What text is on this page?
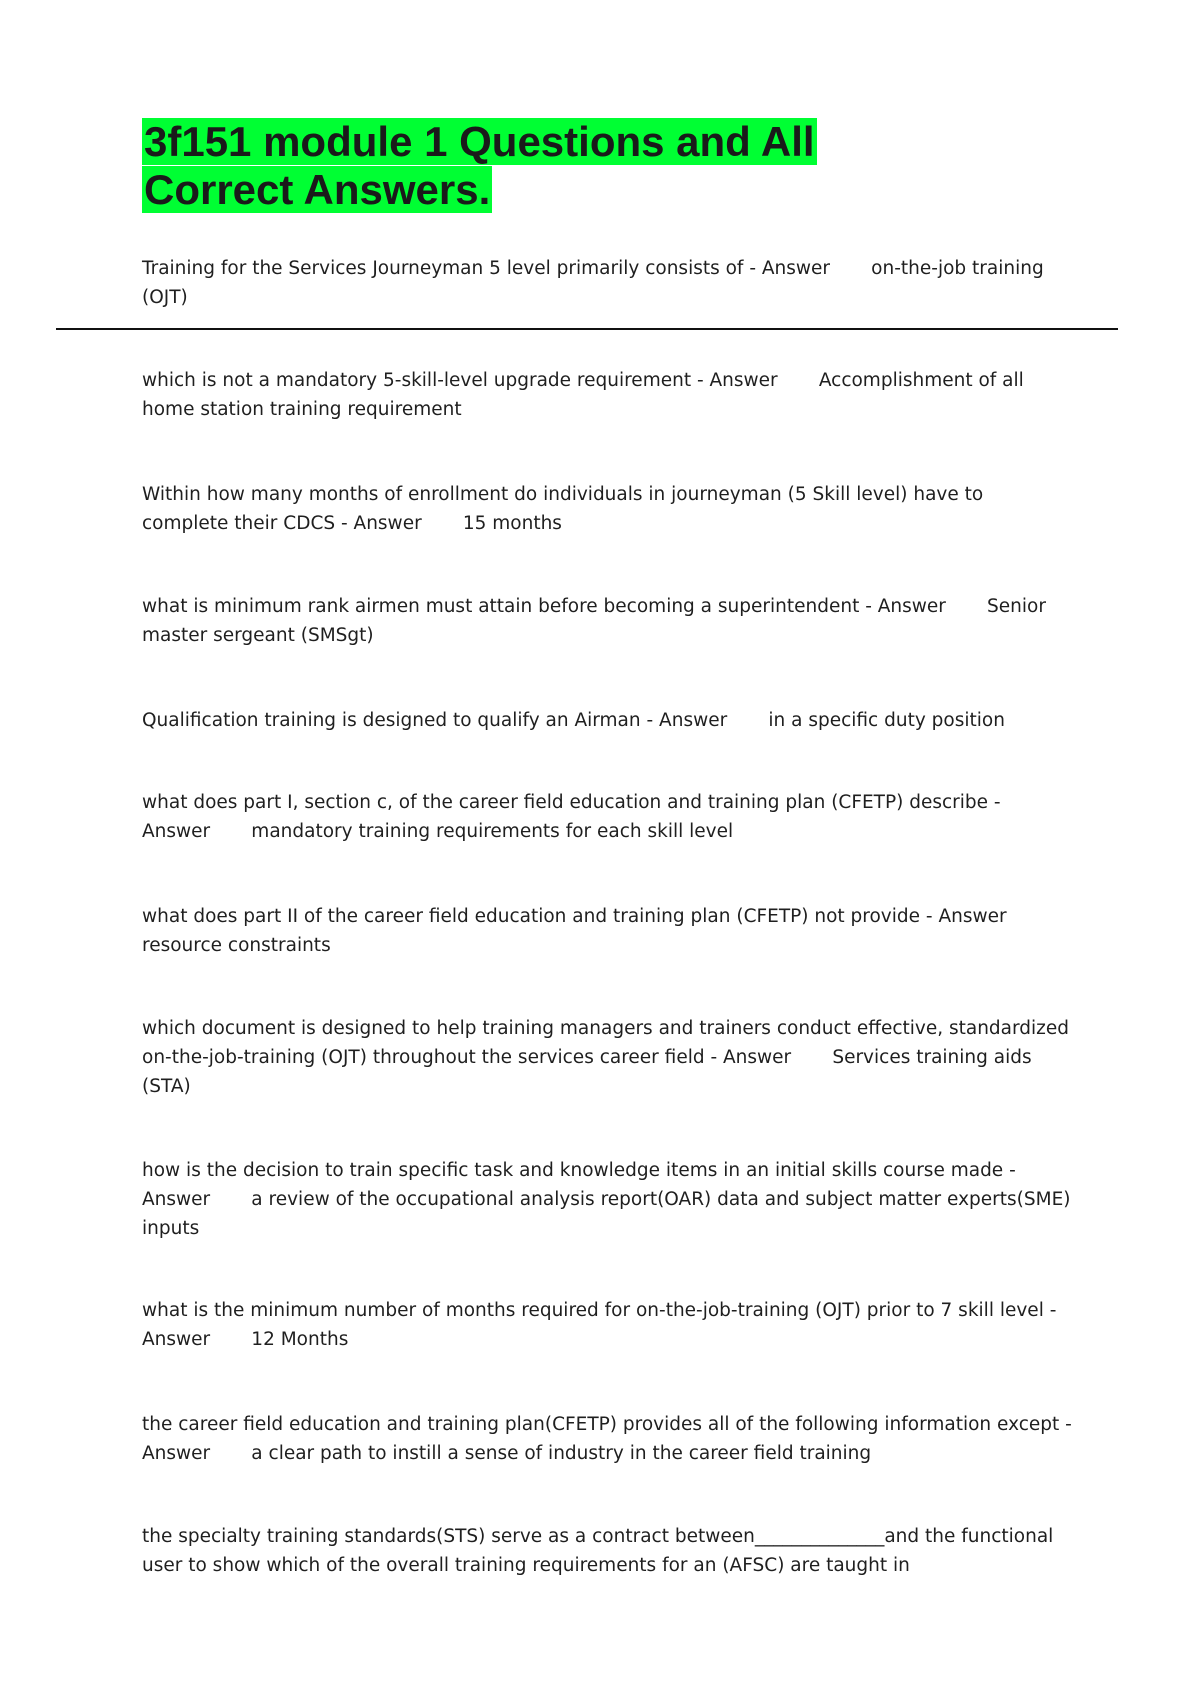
3f151 module 1 Questions and All
Correct Answers.

Training for the Services Journeyman 5 level primarily consists of - Answer       on-the-job training (OJT)

which is not a mandatory 5-skill-level upgrade requirement - Answer       Accomplishment of all home station training requirement

Within how many months of enrollment do individuals in journeyman (5 Skill level) have to complete their CDCS - Answer       15 months

what is minimum rank airmen must attain before becoming a superintendent - Answer       Senior master sergeant (SMSgt)

Qualification training is designed to qualify an Airman - Answer       in a specific duty position

what does part I, section c, of the career field education and training plan (CFETP) describe - Answer       mandatory training requirements for each skill level

what does part II of the career field education and training plan (CFETP) not provide - Answer       resource constraints

which document is designed to help training managers and trainers conduct effective, standardized on-the-job-training (OJT) throughout the services career field - Answer       Services training aids (STA)

how is the decision to train specific task and knowledge items in an initial skills course made - Answer       a review of the occupational analysis report(OAR) data and subject matter experts(SME) inputs

what is the minimum number of months required for on-the-job-training (OJT) prior to 7 skill level - Answer       12 Months

the career field education and training plan(CFETP) provides all of the following information except - Answer       a clear path to instill a sense of industry in the career field training

the specialty training standards(STS) serve as a contract between______________and the functional user to show which of the overall training requirements for an (AFSC) are taught in
